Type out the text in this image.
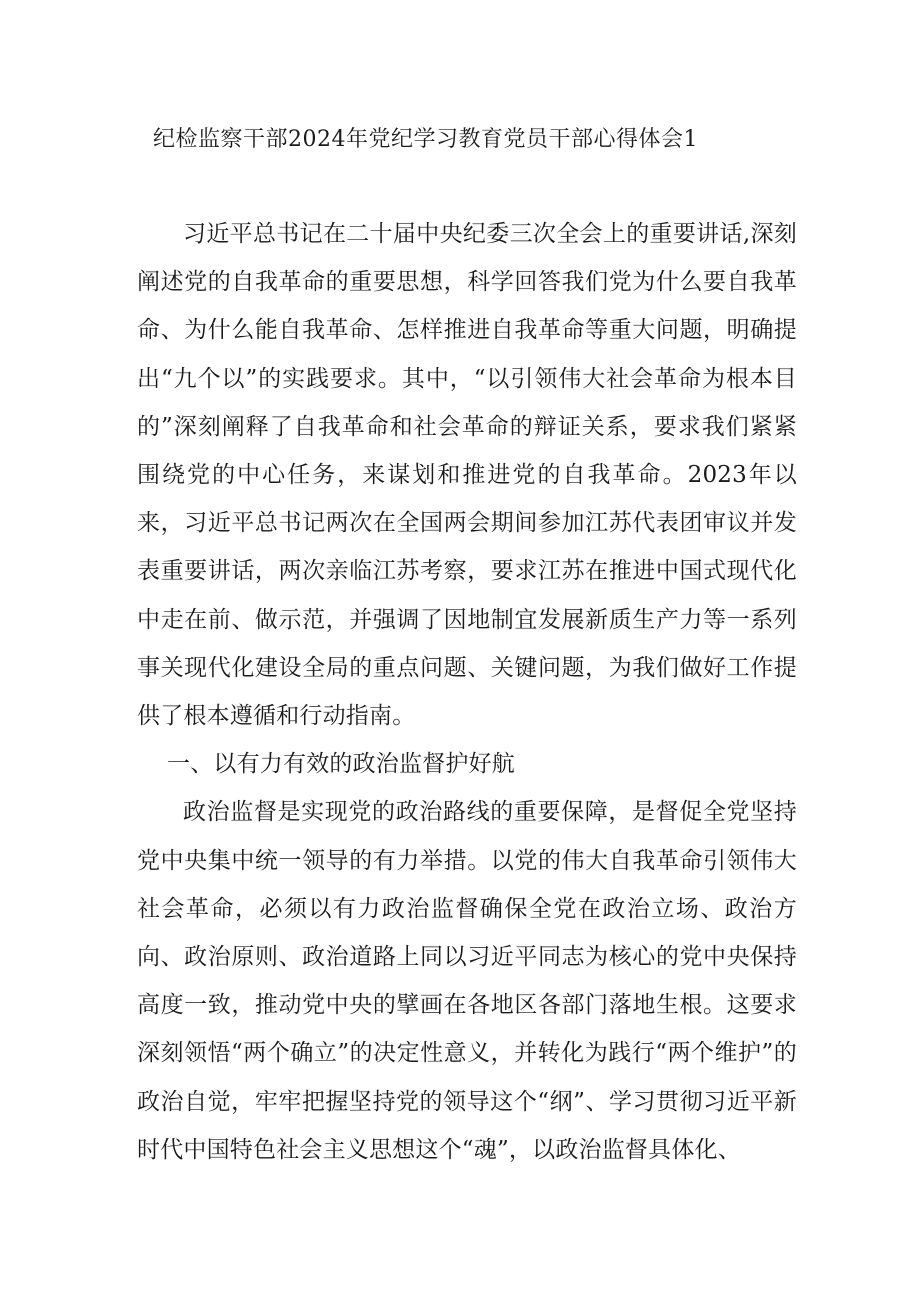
纪检监察干部2024年党纪学习教育党员干部心得体会1

习近平总书记在二十届中央纪委三次全会上的重要讲话,深刻阐述党的自我革命的重要思想，科学回答我们党为什么要自我革命、为什么能自我革命、怎样推进自我革命等重大问题，明确提出“九个以”的实践要求。其中，“以引领伟大社会革命为根本目的”深刻阐释了自我革命和社会革命的辩证关系，要求我们紧紧围绕党的中心任务，来谋划和推进党的自我革命。2023年以来，习近平总书记两次在全国两会期间参加江苏代表团审议并发表重要讲话，两次亲临江苏考察，要求江苏在推进中国式现代化中走在前、做示范，并强调了因地制宜发展新质生产力等一系列事关现代化建设全局的重点问题、关键问题，为我们做好工作提供了根本遵循和行动指南。

一、以有力有效的政治监督护好航

政治监督是实现党的政治路线的重要保障，是督促全党坚持党中央集中统一领导的有力举措。以党的伟大自我革命引领伟大社会革命，必须以有力政治监督确保全党在政治立场、政治方向、政治原则、政治道路上同以习近平同志为核心的党中央保持高度一致，推动党中央的擘画在各地区各部门落地生根。这要求深刻领悟“两个确立”的决定性意义，并转化为践行“两个维护”的政治自觉，牢牢把握坚持党的领导这个“纲”、学习贯彻习近平新时代中国特色社会主义思想这个“魂”，以政治监督具体化、
